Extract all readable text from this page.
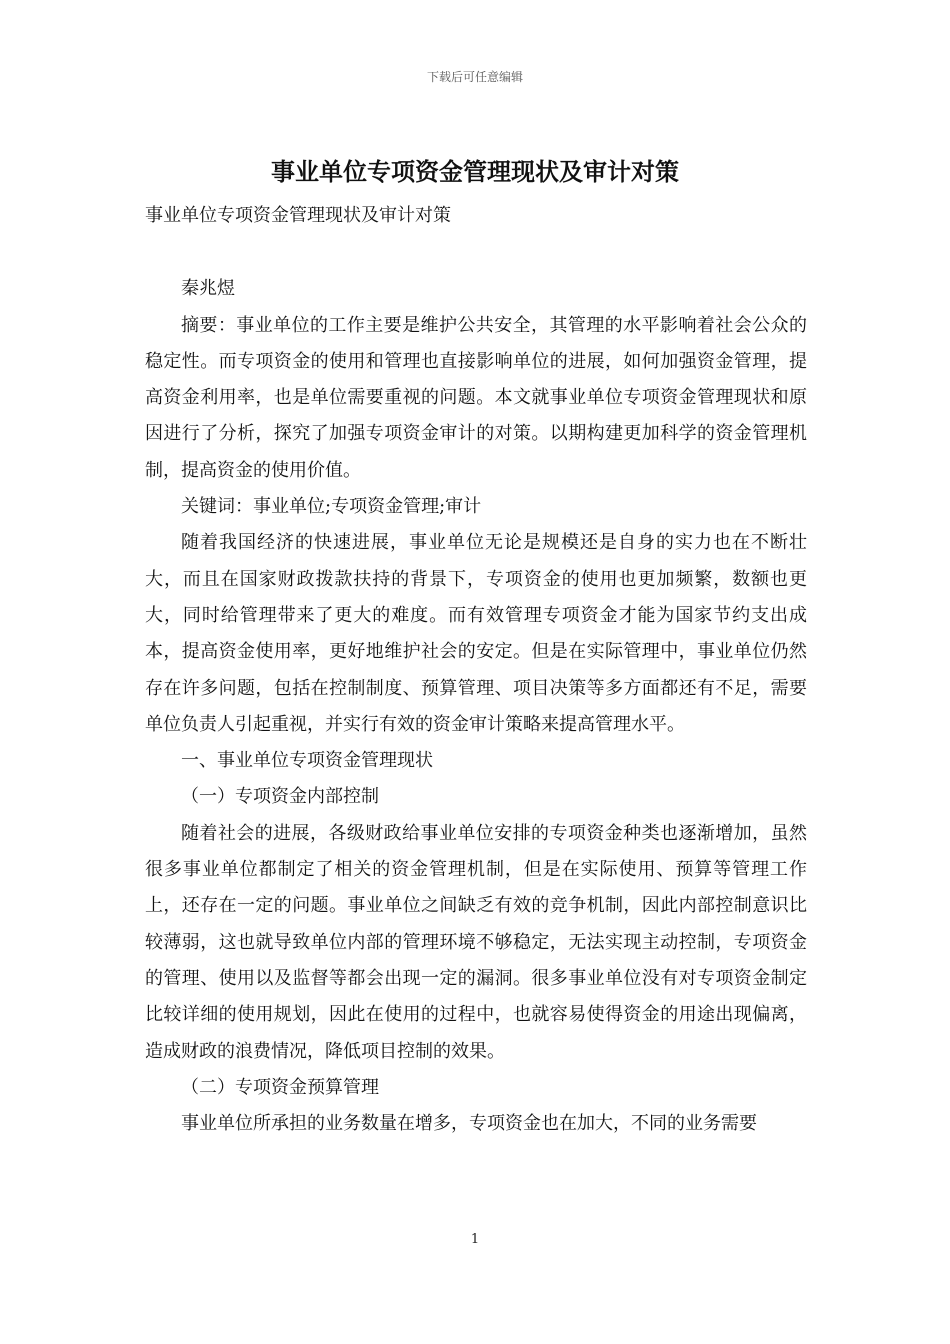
下载后可任意编辑
事业单位专项资金管理现状及审计对策

事业单位专项资金管理现状及审计对策

秦兆煜

摘要：事业单位的工作主要是维护公共安全，其管理的水平影响着社会公众的稳定性。而专项资金的使用和管理也直接影响单位的进展，如何加强资金管理，提高资金利用率，也是单位需要重视的问题。本文就事业单位专项资金管理现状和原因进行了分析，探究了加强专项资金审计的对策。以期构建更加科学的资金管理机制，提高资金的使用价值。

关键词：事业单位;专项资金管理;审计

随着我国经济的快速进展，事业单位无论是规模还是自身的实力也在不断壮大，而且在国家财政拨款扶持的背景下，专项资金的使用也更加频繁，数额也更大，同时给管理带来了更大的难度。而有效管理专项资金才能为国家节约支出成本，提高资金使用率，更好地维护社会的安定。但是在实际管理中，事业单位仍然存在许多问题，包括在控制制度、预算管理、项目决策等多方面都还有不足，需要单位负责人引起重视，并实行有效的资金审计策略来提高管理水平。

一、事业单位专项资金管理现状

（一）专项资金内部控制

随着社会的进展，各级财政给事业单位安排的专项资金种类也逐渐增加，虽然很多事业单位都制定了相关的资金管理机制，但是在实际使用、预算等管理工作上，还存在一定的问题。事业单位之间缺乏有效的竞争机制，因此内部控制意识比较薄弱，这也就导致单位内部的管理环境不够稳定，无法实现主动控制，专项资金的管理、使用以及监督等都会出现一定的漏洞。很多事业单位没有对专项资金制定比较详细的使用规划，因此在使用的过程中，也就容易使得资金的用途出现偏离，造成财政的浪费情况，降低项目控制的效果。

（二）专项资金预算管理

事业单位所承担的业务数量在增多，专项资金也在加大，不同的业务需要

1
